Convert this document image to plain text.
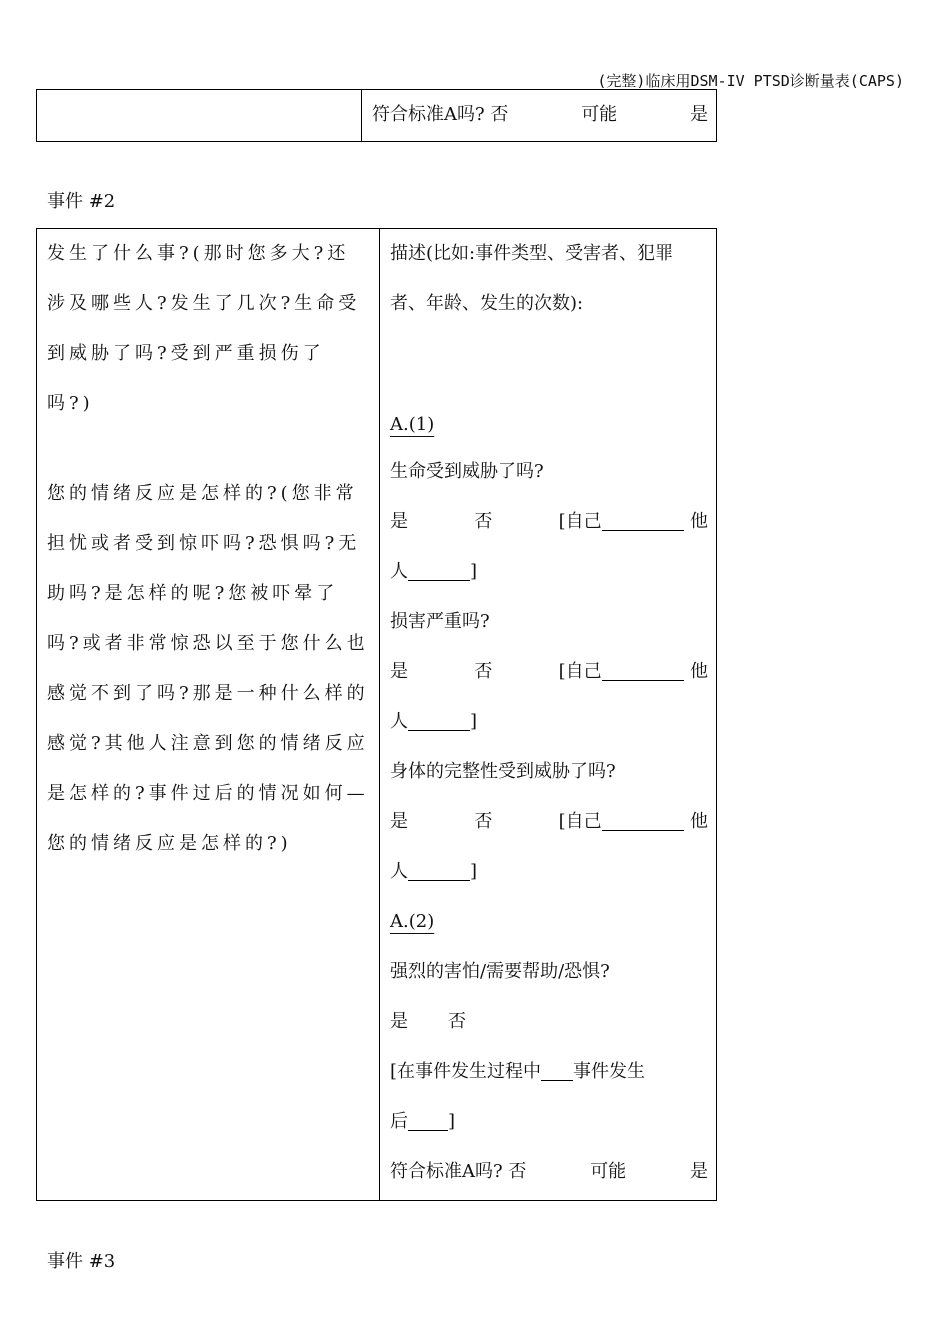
(完整)临床用DSM-IV PTSD诊断量表(CAPS)

符合标准A吗? 否	可能	是
事件 #2
发生了什么事?(那时您多大?还涉及哪些人?发生了几次?生命受到威胁了吗?受到严重损伤了吗?)
您的情绪反应是怎样的?(您非常担忧或者受到惊吓吗?恐惧吗?无助吗?是怎样的呢?您被吓晕了吗?或者非常惊恐以至于您什么也感觉不到了吗?那是一种什么样的感觉?其他人注意到您的情绪反应是怎样的?事件过后的情况如何—您的情绪反应是怎样的?)

描述(比如:事件类型、受害者、犯罪者、年龄、发生的次数):
A.(1)
生命受到威胁了吗?
是	否	[自己	他
人	]
损害严重吗?
是	否	[自己	他
人	]
身体的完整性受到威胁了吗?
是	否	[自己	他
人	]
A.(2)
强烈的害怕/需要帮助/恐惧?
是 否
[在事件发生过程中 事件发生
后 ]
符合标准A吗? 否	可能	是
事件 #3
